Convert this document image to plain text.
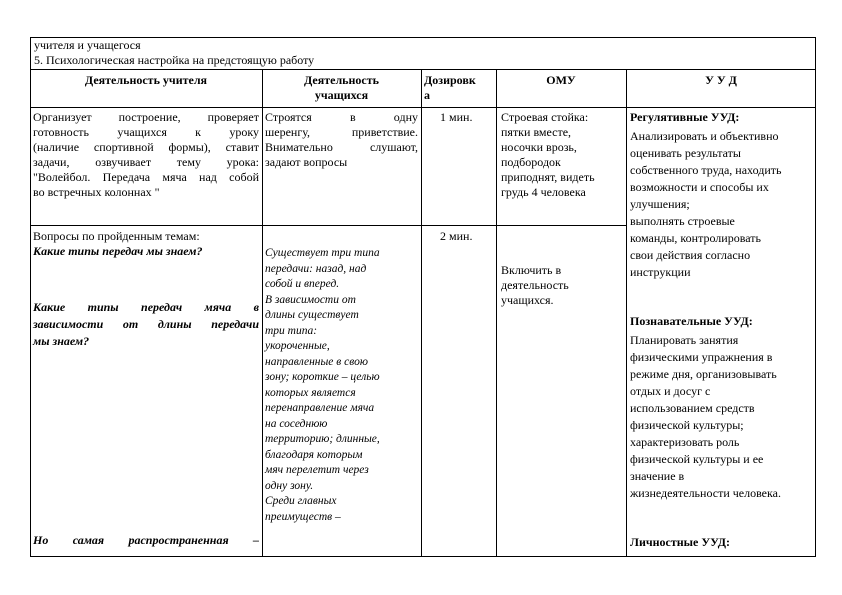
учителя и учащегося
5. Психологическая настройка на предстоящую работу
Деятельность учителя	Деятельность
учащихся
Дозировк
а
ОМУ	У У Д
Организует построение, проверяет
готовность учащихся к уроку
(наличие спортивной формы), ставит
задачи, озвучивает тему урока:
"Волейбол. Передача мяча над собой
во встречных колоннах "
Строятся в одну
шеренгу, приветствие.
Внимательно слушают,
задают вопросы
1 мин. Строевая стойка:
пятки вместе,
носочки врозь,
подбородок
приподнят, видеть
грудь 4 человека
Регулятивные УУД:
Анализировать и объективно
оценивать результаты
собственного труда, находить
возможности и способы их
улучшения;
выполнять строевые
команды, контролировать
свои действия согласно
инструкции
Познавательные УУД:
Планировать занятия
физическими упражнения в
режиме дня, организовывать
отдых и досуг с
использованием средств
физической культуры;
характеризовать роль
физической культуры и ее
значение в
жизнедеятельности человека.
Личностные УУД:
Вопросы по пройденным темам:
Какие типы передач мы знаем?
Какие типы передач мяча в
зависимости от длины передачи
мы знаем?
Но самая распространенная –
Существует три типа
передачи: назад, над
собой и вперед.
В зависимости от
длины существует
три типа:
укороченные,
направленные в свою
зону; короткие – целью
которых является
перенаправление мяча
на соседнюю
территорию; длинные,
благодаря которым
мяч перелетит через
одну зону.
Среди главных
преимуществ –
2 мин.
Включить в
деятельность
учащихся.
